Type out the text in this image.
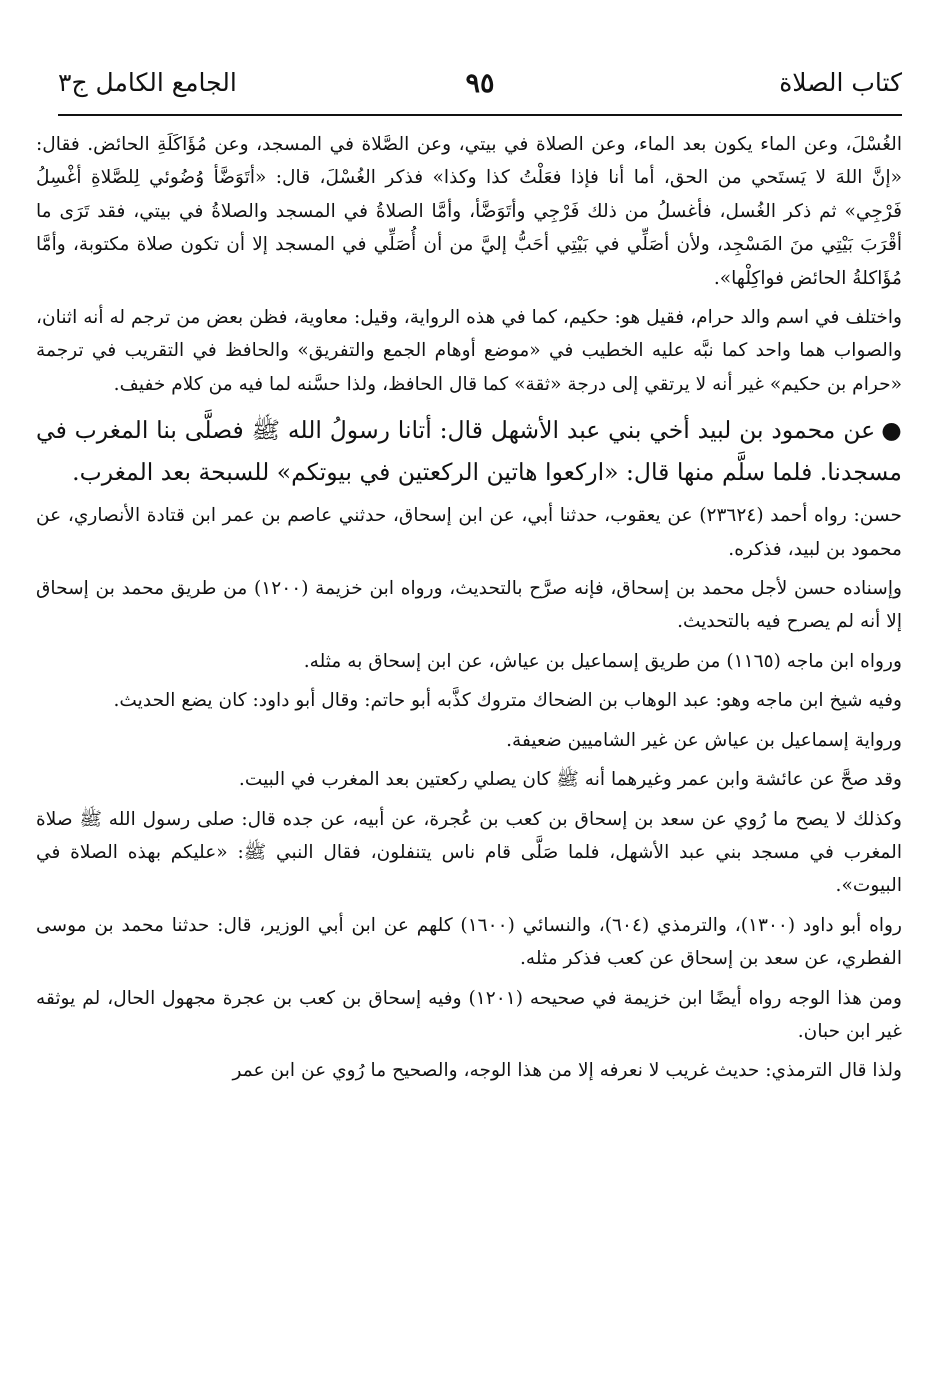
كتاب الصلاة
٩٥
الجامع الكامل ج٣

الغُسْلَ، وعن الماء يكون بعد الماء، وعن الصلاة في بيتي، وعن الصَّلاة في المسجد، وعن مُؤَاكَلَةِ الحائض. فقال: «إنَّ اللهَ لا يَستَحي من الحق، أما أنا فإذا فعَلْتُ كذا وكذا» فذكر الغُسْلَ، قال: «أتَوَضَّأ وُضُوئي لِلصَّلاةِ أغْسِلُ فَرْجِي» ثم ذكر الغُسل، فأغسلُ من ذلك فَرْجِي وأتَوَضَّأ، وأمَّا الصلاةُ في المسجد والصلاةُ في بيتي، فقد تَرَى ما أقْرَبَ بَيْتِي منَ المَسْجِد، ولأن أصَلِّي في بَيْتِي أحَبُّ إليَّ من أن أُصَلِّي في المسجد إلا أن تكون صلاة مكتوبة، وأمَّا مُؤَاكلةُ الحائض فواكِلْها».

واختلف في اسم والد حرام، فقيل هو: حكيم، كما في هذه الرواية، وقيل: معاوية، فظن بعض من ترجم له أنه اثنان، والصواب هما واحد كما نبَّه عليه الخطيب في «موضع أوهام الجمع والتفريق» والحافظ في التقريب في ترجمة «حرام بن حكيم» غير أنه لا يرتقي إلى درجة «ثقة» كما قال الحافظ، ولذا حسَّنه لما فيه من كلام خفيف.

●عن محمود بن لبيد أخي بني عبد الأشهل قال: أتانا رسولُ الله ﷺ فصلَّى بنا المغرب في مسجدنا. فلما سلَّم منها قال: «اركعوا هاتين الركعتين في بيوتكم» للسبحة بعد المغرب.

حسن: رواه أحمد (٢٣٦٢٤) عن يعقوب، حدثنا أبي، عن ابن إسحاق، حدثني عاصم بن عمر ابن قتادة الأنصاري، عن محمود بن لبيد، فذكره.

وإسناده حسن لأجل محمد بن إسحاق، فإنه صرَّح بالتحديث، ورواه ابن خزيمة (١٢٠٠) من طريق محمد بن إسحاق إلا أنه لم يصرح فيه بالتحديث.

ورواه ابن ماجه (١١٦٥) من طريق إسماعيل بن عياش، عن ابن إسحاق به مثله.

وفيه شيخ ابن ماجه وهو: عبد الوهاب بن الضحاك متروك كذَّبه أبو حاتم: وقال أبو داود: كان يضع الحديث.

ورواية إسماعيل بن عياش عن غير الشاميين ضعيفة.

وقد صحَّ عن عائشة وابن عمر وغيرهما أنه ﷺ كان يصلي ركعتين بعد المغرب في البيت.

وكذلك لا يصح ما رُوي عن سعد بن إسحاق بن كعب بن عُجرة، عن أبيه، عن جده قال: صلى رسول الله ﷺ صلاة المغرب في مسجد بني عبد الأشهل، فلما صَلَّى قام ناس يتنفلون، فقال النبي ﷺ: «عليكم بهذه الصلاة في البيوت».

رواه أبو داود (١٣٠٠)، والترمذي (٦٠٤)، والنسائي (١٦٠٠) كلهم عن ابن أبي الوزير، قال: حدثنا محمد بن موسى الفطري، عن سعد بن إسحاق عن كعب فذكر مثله.

ومن هذا الوجه رواه أيضًا ابن خزيمة في صحيحه (١٢٠١) وفيه إسحاق بن كعب بن عجرة مجهول الحال، لم يوثقه غير ابن حبان.

ولذا قال الترمذي: حديث غريب لا نعرفه إلا من هذا الوجه، والصحيح ما رُوي عن ابن عمر
